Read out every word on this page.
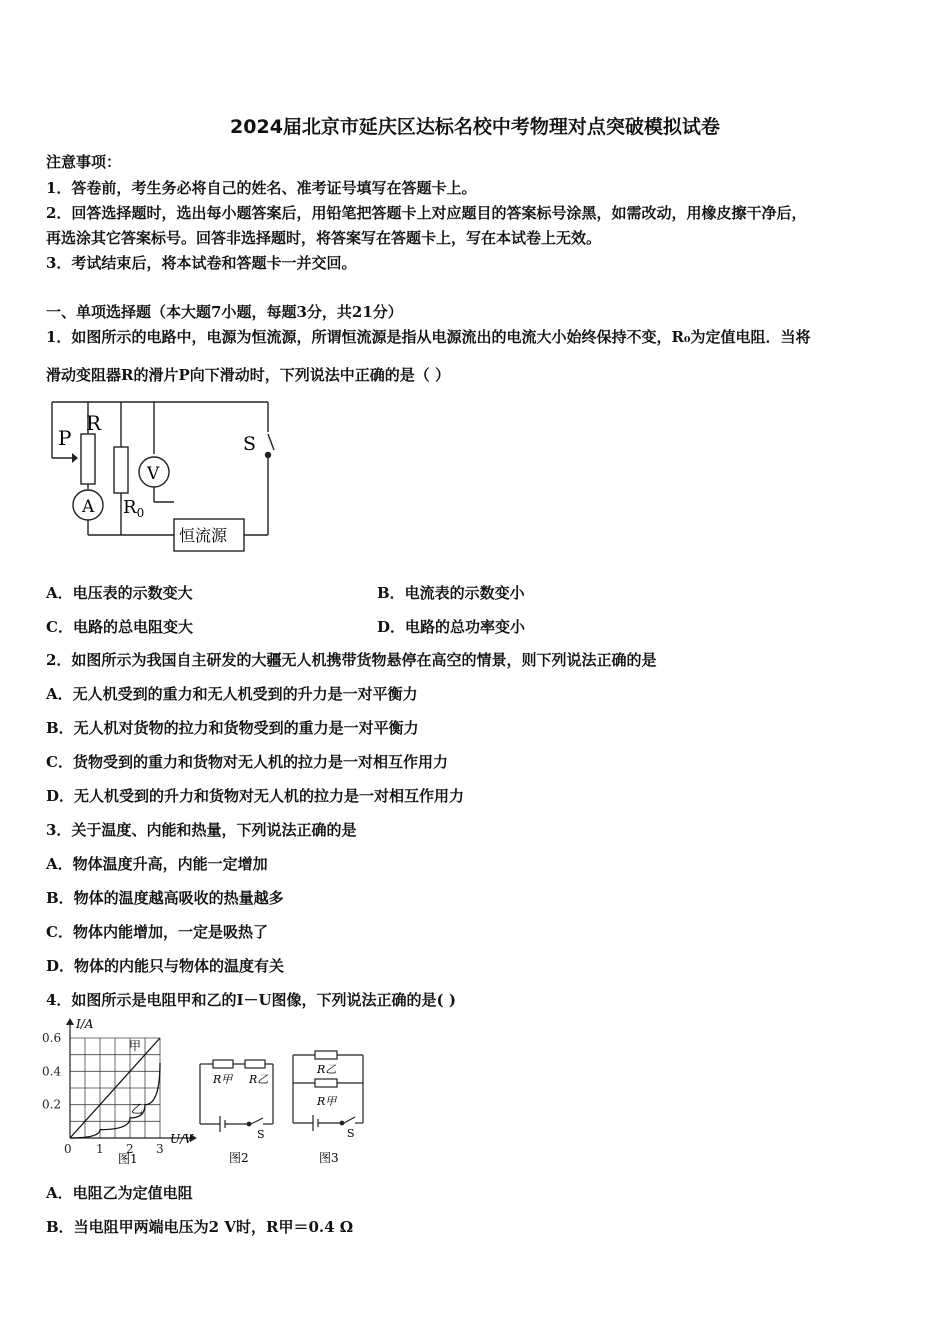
2024届北京市延庆区达标名校中考物理对点突破模拟试卷
注意事项：
1．答卷前，考生务必将自己的姓名、准考证号填写在答题卡上。
2．回答选择题时，选出每小题答案后，用铅笔把答题卡上对应题目的答案标号涂黑，如需改动，用橡皮擦干净后，
再选涂其它答案标号。回答非选择题时，将答案写在答题卡上，写在本试卷上无效。
3．考试结束后，将本试卷和答题卡一并交回。
一、单项选择题（本大题7小题，每题3分，共21分）
1．如图所示的电路中，电源为恒流源，所谓恒流源是指从电源流出的电流大小始终保持不变，R₀为定值电阻．当将
滑动变阻器R的滑片P向下滑动时，下列说法中正确的是（ ）
P
R
A
V
$R_0$
S
恒流源
A．电压表的示数变大	B．电流表的示数变小
C．电路的总电阻变大	D．电路的总功率变小
2．如图所示为我国自主研发的大疆无人机携带货物悬停在高空的情景，则下列说法正确的是
A．无人机受到的重力和无人机受到的升力是一对平衡力
B．无人机对货物的拉力和货物受到的重力是一对平衡力
C．货物受到的重力和货物对无人机的拉力是一对相互作用力
D．无人机受到的升力和货物对无人机的拉力是一对相互作用力
3．关于温度、内能和热量，下列说法正确的是
A．物体温度升高，内能一定增加
B．物体的温度越高吸收的热量越多
C．物体内能增加，一定是吸热了
D．物体的内能只与物体的温度有关
4．如图所示是电阻甲和乙的I－U图像，下列说法正确的是( )
0.6
0.4
0.2
0 1 2 3
I/A
U/V
甲
乙
图1
R甲 R乙
S
图2
R乙
R甲
S
图3
A．电阻乙为定值电阻
B．当电阻甲两端电压为2 V时，R甲＝0.4 Ω
